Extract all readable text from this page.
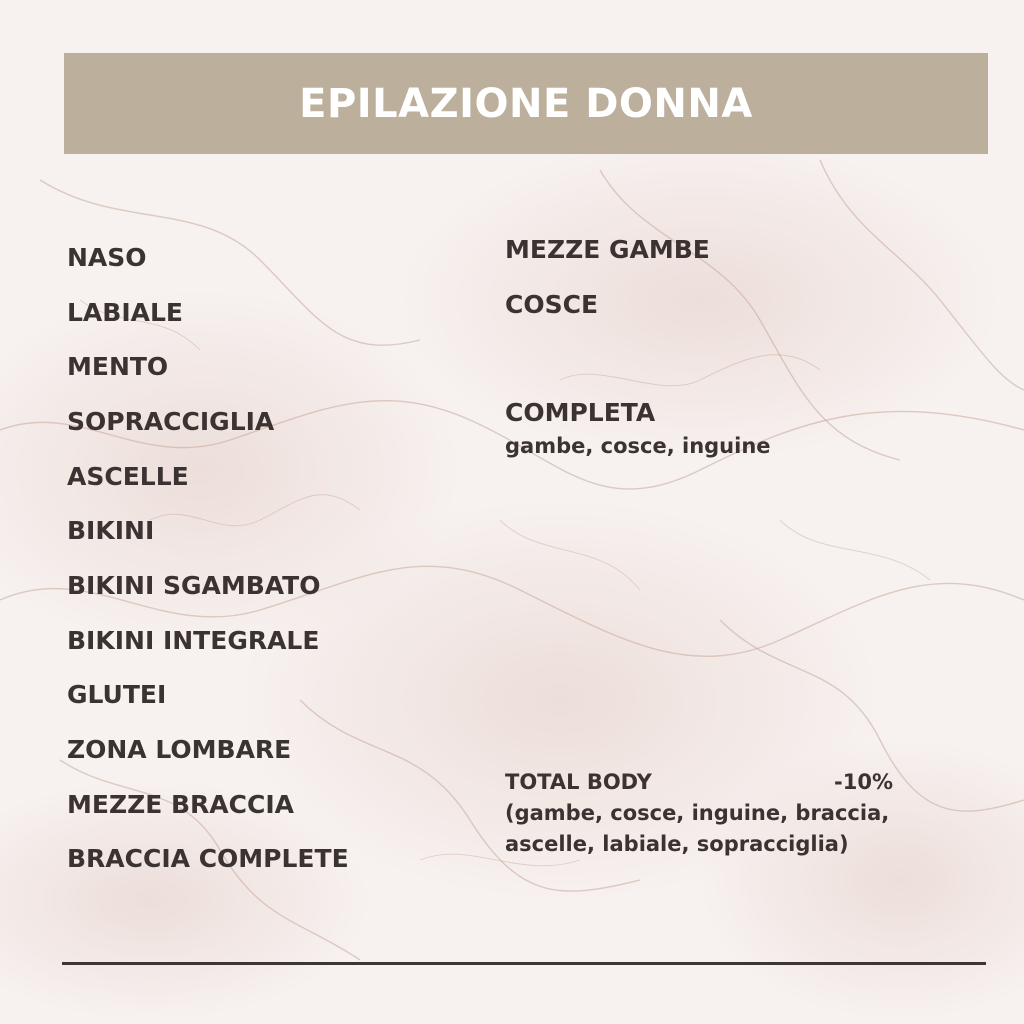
EPILAZIONE DONNA
NASO
LABIALE
MENTO
SOPRACCIGLIA
ASCELLE
BIKINI
BIKINI SGAMBATO
BIKINI INTEGRALE
GLUTEI
ZONA LOMBARE
MEZZE BRACCIA
BRACCIA COMPLETE
MEZZE GAMBE
COSCE
COMPLETA
gambe, cosce, inguine
TOTAL BODY	-10%
(gambe, cosce, inguine, braccia,
ascelle, labiale, sopracciglia)
